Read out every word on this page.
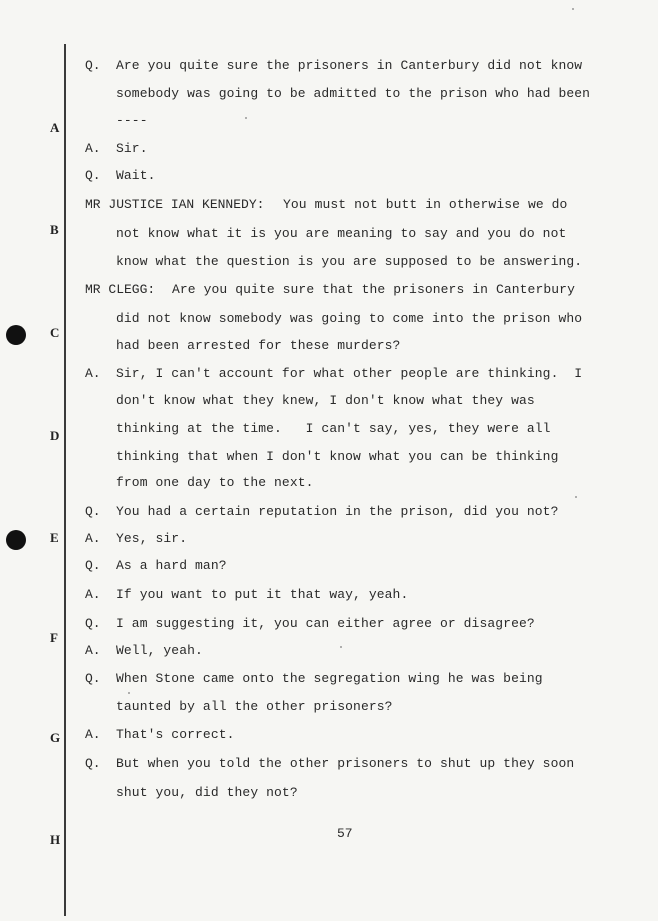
A
B
C
D
E
F
G
H
Q. Are you quite sure the prisoners in Canterbury did not know
somebody was going to be admitted to the prison who had been
----
A. Sir.
Q. Wait.
MR JUSTICE IAN KENNEDY: You must not butt in otherwise we do
not know what it is you are meaning to say and you do not
know what the question is you are supposed to be answering.
MR CLEGG: Are you quite sure that the prisoners in Canterbury
did not know somebody was going to come into the prison who
had been arrested for these murders?
A. Sir, I can't account for what other people are thinking.  I
don't know what they knew, I don't know what they was
thinking at the time.   I can't say, yes, they were all
thinking that when I don't know what you can be thinking
from one day to the next.
Q. You had a certain reputation in the prison, did you not?
A. Yes, sir.
Q. As a hard man?
A. If you want to put it that way, yeah.
Q. I am suggesting it, you can either agree or disagree?
A. Well, yeah.
Q. When Stone came onto the segregation wing he was being
taunted by all the other prisoners?
A. That's correct.
Q. But when you told the other prisoners to shut up they soon
shut you, did they not?
57
